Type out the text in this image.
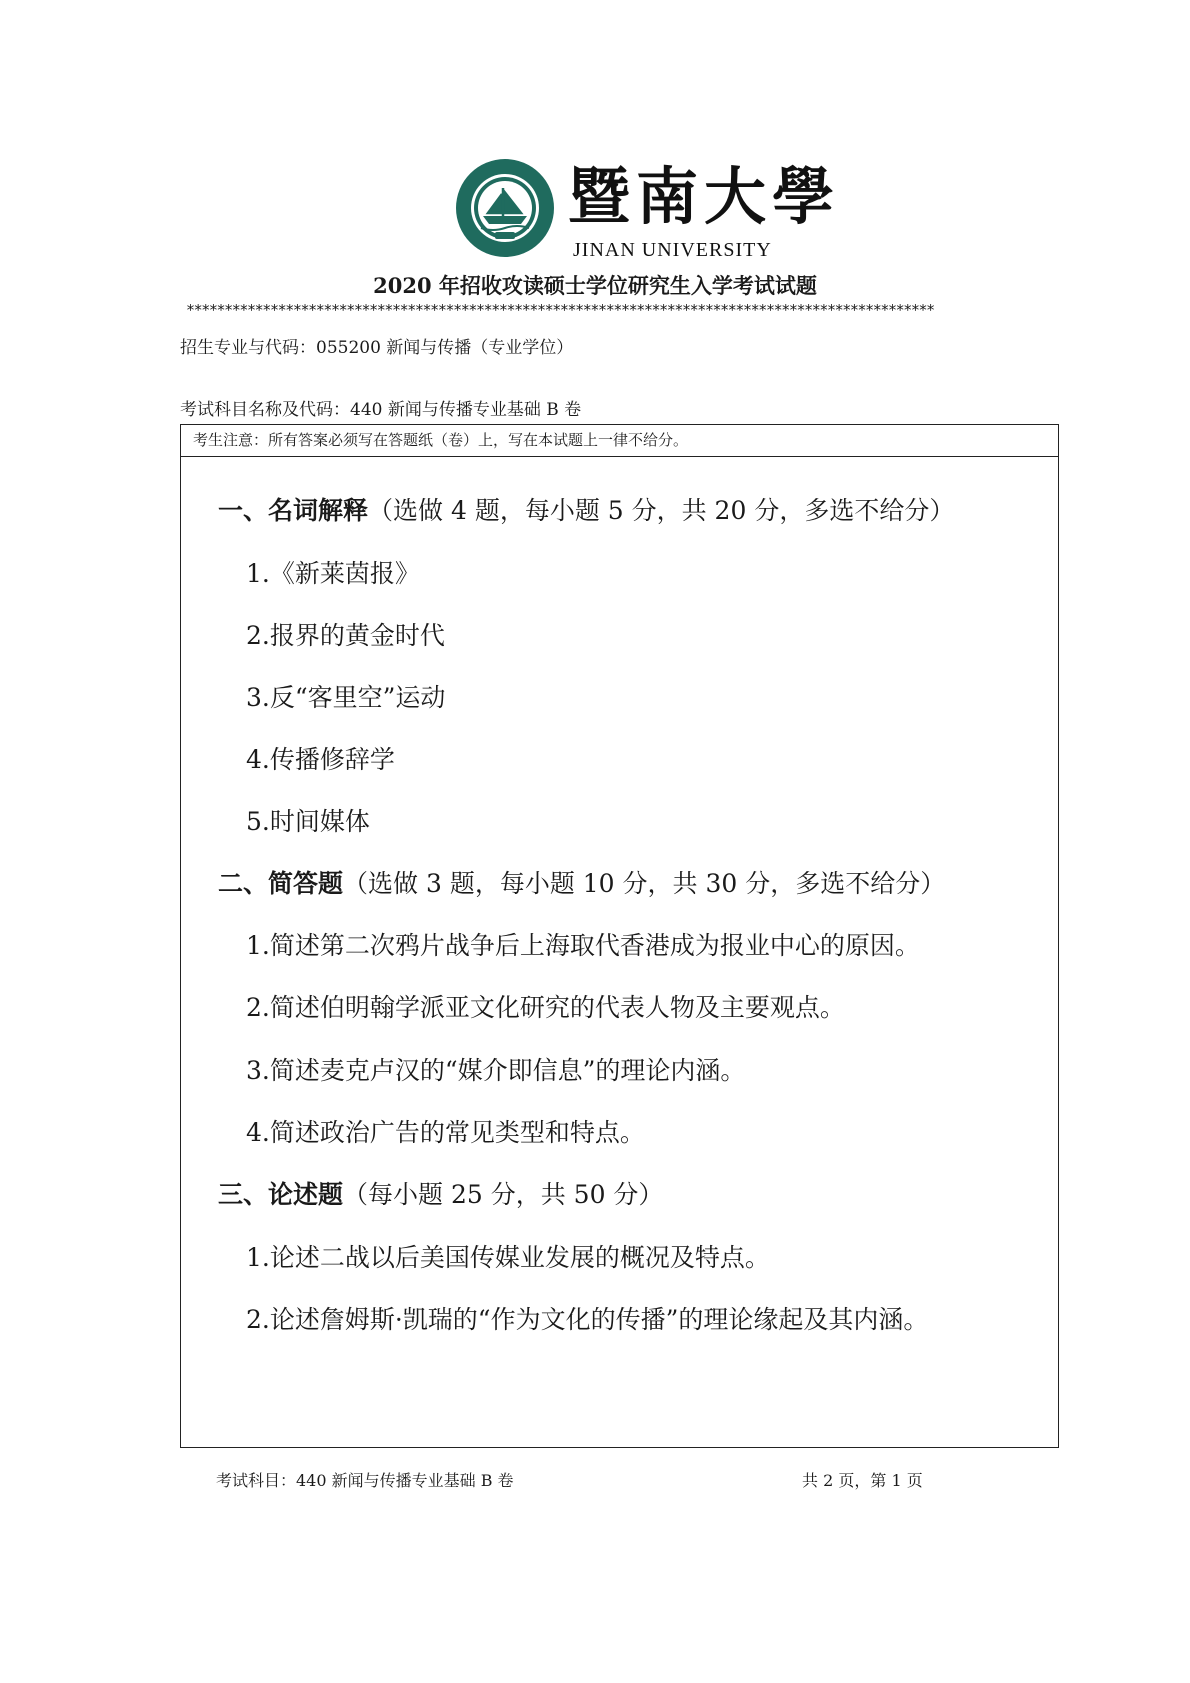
暨南大學
JINAN UNIVERSITY
2020 年招收攻读硕士学位研究生入学考试试题
**************************************************************************************************
招生专业与代码：055200 新闻与传播（专业学位）
考试科目名称及代码：440 新闻与传播专业基础 B 卷
考生注意：所有答案必须写在答题纸（卷）上，写在本试题上一律不给分。
一、名词解释（选做 4 题，每小题 5 分，共 20 分，多选不给分）
1.《新莱茵报》
2.报界的黄金时代
3.反“客里空”运动
4.传播修辞学
5.时间媒体
二、简答题（选做 3 题，每小题 10 分，共 30 分，多选不给分）
1.简述第二次鸦片战争后上海取代香港成为报业中心的原因。
2.简述伯明翰学派亚文化研究的代表人物及主要观点。
3.简述麦克卢汉的“媒介即信息”的理论内涵。
4.简述政治广告的常见类型和特点。
三、论述题（每小题 25 分，共 50 分）
1.论述二战以后美国传媒业发展的概况及特点。
2.论述詹姆斯·凯瑞的“作为文化的传播”的理论缘起及其内涵。
考试科目：440 新闻与传播专业基础 B 卷	共 2 页，第 1 页
